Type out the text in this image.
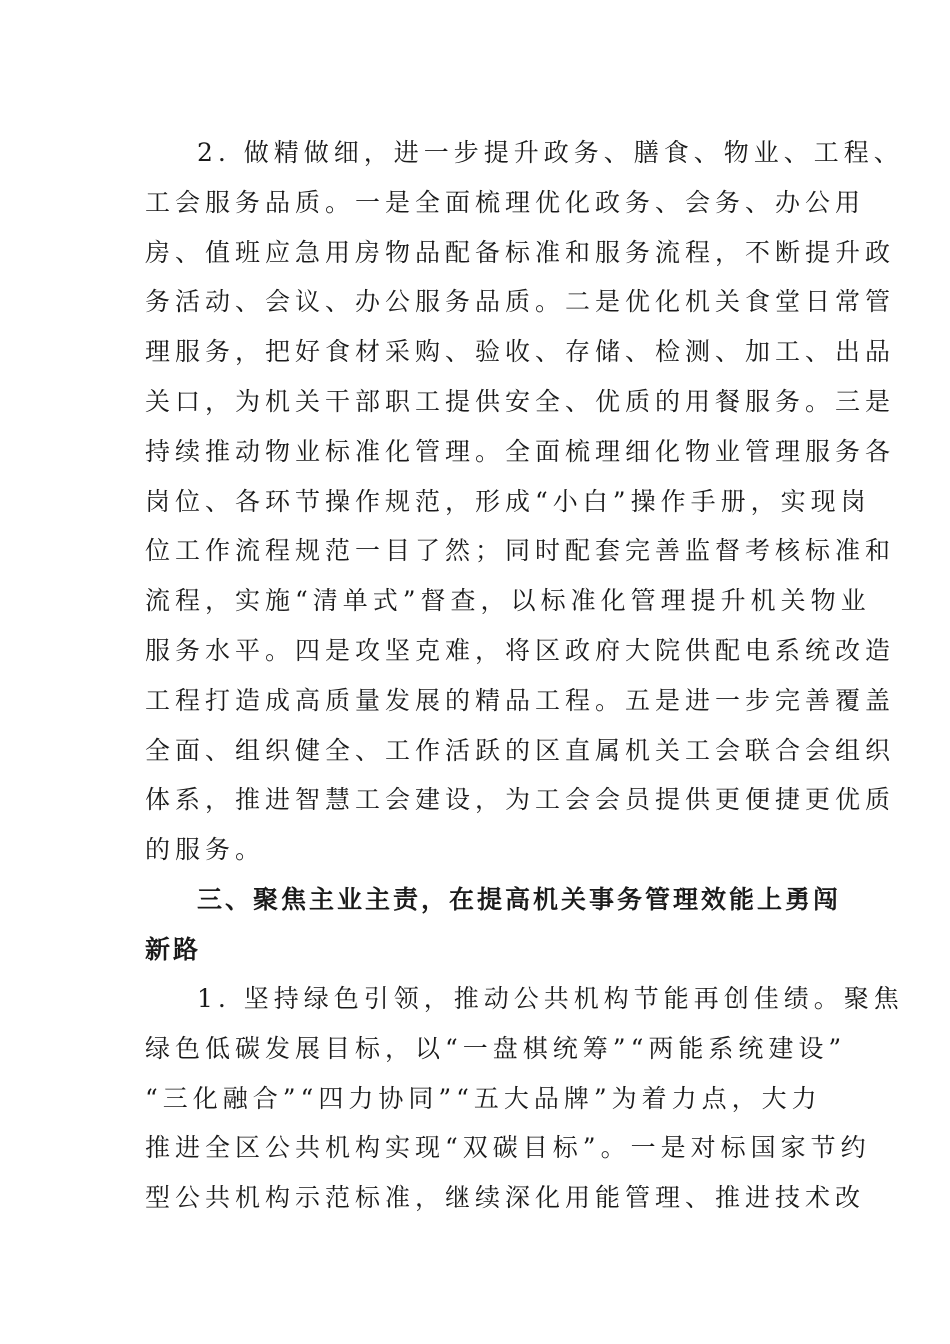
2. 做精做细，进一步提升政务、膳食、物业、工程、
工会服务品质。一是全面梳理优化政务、会务、办公用
房、值班应急用房物品配备标准和服务流程，不断提升政
务活动、会议、办公服务品质。二是优化机关食堂日常管
理服务，把好食材采购、验收、存储、检测、加工、出品
关口，为机关干部职工提供安全、优质的用餐服务。三是
持续推动物业标准化管理。全面梳理细化物业管理服务各
岗位、各环节操作规范，形成“小白”操作手册，实现岗
位工作流程规范一目了然；同时配套完善监督考核标准和
流程，实施“清单式”督查，以标准化管理提升机关物业
服务水平。四是攻坚克难，将区政府大院供配电系统改造
工程打造成高质量发展的精品工程。五是进一步完善覆盖
全面、组织健全、工作活跃的区直属机关工会联合会组织
体系，推进智慧工会建设，为工会会员提供更便捷更优质
的服务。
三、聚焦主业主责，在提高机关事务管理效能上勇闯
新路
1. 坚持绿色引领，推动公共机构节能再创佳绩。聚焦
绿色低碳发展目标，以“一盘棋统筹”“两能系统建设”
“三化融合”“四力协同”“五大品牌”为着力点，大力
推进全区公共机构实现“双碳目标”。一是对标国家节约
型公共机构示范标准，继续深化用能管理、推进技术改
